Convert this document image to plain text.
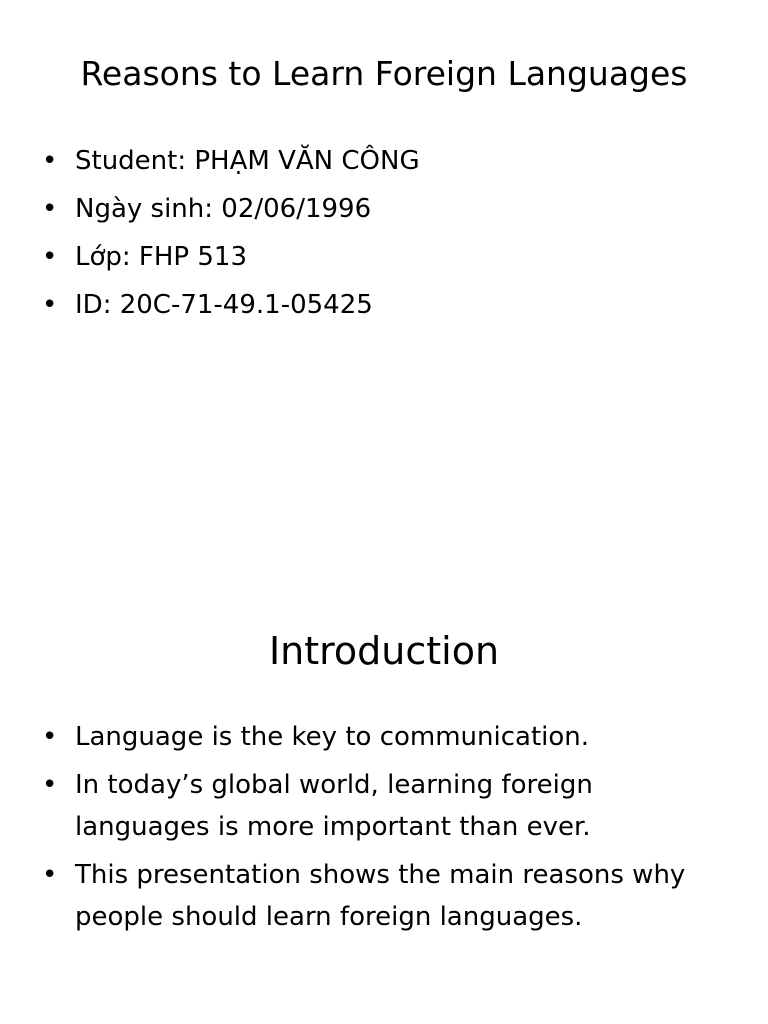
Reasons to Learn Foreign Languages
• Student: PHẠM VĂN CÔNG
• Ngày sinh: 02/06/1996
• Lớp: FHP 513
• ID: 20C-71-49.1-05425
Introduction
• Language is the key to communication.
• In today’s global world, learning foreign languages is more important than ever.
• This presentation shows the main reasons why people should learn foreign languages.
